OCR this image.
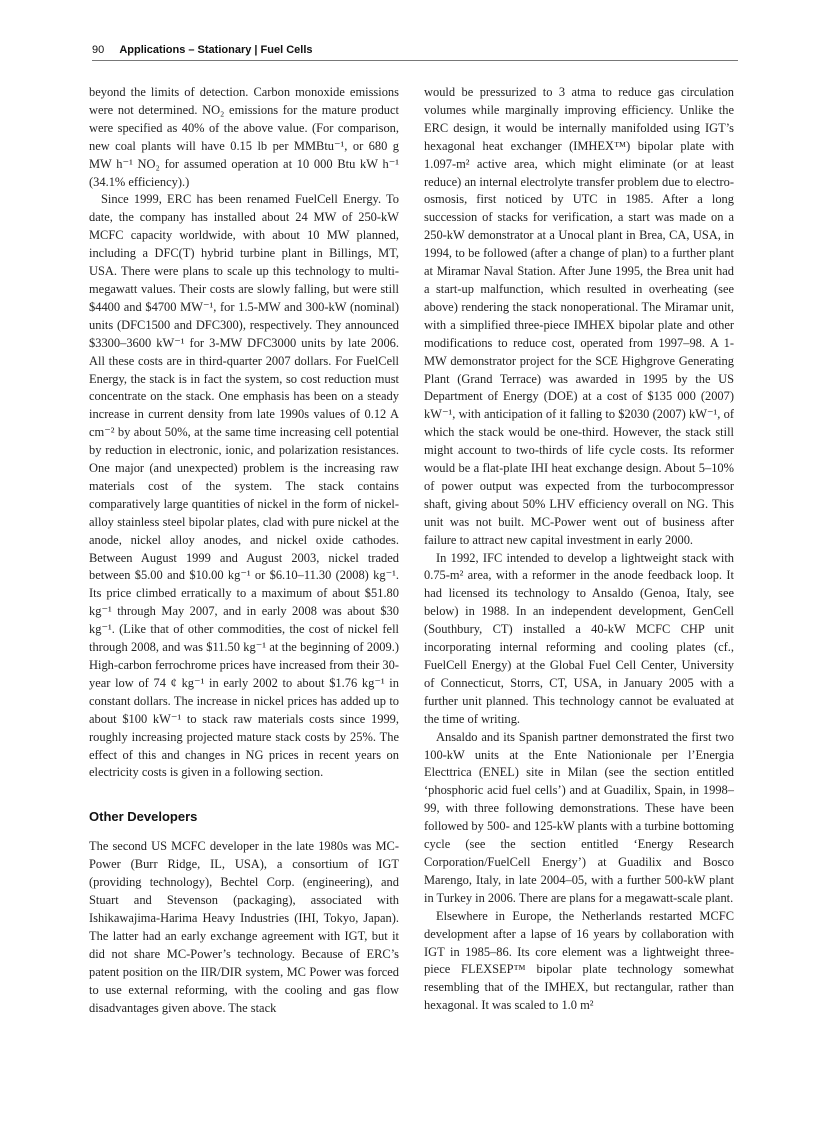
90 Applications – Stationary | Fuel Cells

beyond the limits of detection. Carbon monoxide emissions were not determined. NO₂ emissions for the mature product were specified as 40% of the above value. (For comparison, new coal plants will have 0.15 lb per MMBtu⁻¹, or 680 g MW h⁻¹ NO₂ for assumed operation at 10 000 Btu kW h⁻¹ (34.1% efficiency).)

Since 1999, ERC has been renamed FuelCell Energy. To date, the company has installed about 24 MW of 250-kW MCFC capacity worldwide, with about 10 MW planned, including a DFC(T) hybrid turbine plant in Billings, MT, USA. There were plans to scale up this technology to multi-megawatt values. Their costs are slowly falling, but were still $4400 and $4700 MW⁻¹, for 1.5-MW and 300-kW (nominal) units (DFC1500 and DFC300), respectively. They announced $3300–3600 kW⁻¹ for 3-MW DFC3000 units by late 2006. All these costs are in third-quarter 2007 dollars. For FuelCell Energy, the stack is in fact the system, so cost reduction must concentrate on the stack. One emphasis has been on a steady increase in current density from late 1990s values of 0.12 A cm⁻² by about 50%, at the same time increasing cell potential by reduction in electronic, ionic, and polarization resistances. One major (and unexpected) problem is the increasing raw materials cost of the system. The stack contains comparatively large quantities of nickel in the form of nickel-alloy stainless steel bipolar plates, clad with pure nickel at the anode, nickel alloy anodes, and nickel oxide cathodes. Between August 1999 and August 2003, nickel traded between $5.00 and $10.00 kg⁻¹ or $6.10–11.30 (2008) kg⁻¹. Its price climbed erratically to a maximum of about $51.80 kg⁻¹ through May 2007, and in early 2008 was about $30 kg⁻¹. (Like that of other commodities, the cost of nickel fell through 2008, and was $11.50 kg⁻¹ at the beginning of 2009.) High-carbon ferrochrome prices have increased from their 30-year low of 74 ¢ kg⁻¹ in early 2002 to about $1.76 kg⁻¹ in constant dollars. The increase in nickel prices has added up to about $100 kW⁻¹ to stack raw materials costs since 1999, roughly increasing projected mature stack costs by 25%. The effect of this and changes in NG prices in recent years on electricity costs is given in a following section.

Other Developers

The second US MCFC developer in the late 1980s was MC-Power (Burr Ridge, IL, USA), a consortium of IGT (providing technology), Bechtel Corp. (engineering), and Stuart and Stevenson (packaging), associated with Ishikawajima-Harima Heavy Industries (IHI, Tokyo, Japan). The latter had an early exchange agreement with IGT, but it did not share MC-Power’s technology. Because of ERC’s patent position on the IIR/DIR system, MC Power was forced to use external reforming, with the cooling and gas flow disadvantages given above. The stack

would be pressurized to 3 atma to reduce gas circulation volumes while marginally improving efficiency. Unlike the ERC design, it would be internally manifolded using IGT’s hexagonal heat exchanger (IMHEX™) bipolar plate with 1.097-m² active area, which might eliminate (or at least reduce) an internal electrolyte transfer problem due to electro-osmosis, first noticed by UTC in 1985. After a long succession of stacks for verification, a start was made on a 250-kW demonstrator at a Unocal plant in Brea, CA, USA, in 1994, to be followed (after a change of plan) to a further plant at Miramar Naval Station. After June 1995, the Brea unit had a start-up malfunction, which resulted in overheating (see above) rendering the stack nonoperational. The Miramar unit, with a simplified three-piece IMHEX bipolar plate and other modifications to reduce cost, operated from 1997–98. A 1-MW demonstrator project for the SCE Highgrove Generating Plant (Grand Terrace) was awarded in 1995 by the US Department of Energy (DOE) at a cost of $135 000 (2007) kW⁻¹, with anticipation of it falling to $2030 (2007) kW⁻¹, of which the stack would be one-third. However, the stack still might account to two-thirds of life cycle costs. Its reformer would be a flat-plate IHI heat exchange design. About 5–10% of power output was expected from the turbocompressor shaft, giving about 50% LHV efficiency overall on NG. This unit was not built. MC-Power went out of business after failure to attract new capital investment in early 2000.

In 1992, IFC intended to develop a lightweight stack with 0.75-m² area, with a reformer in the anode feedback loop. It had licensed its technology to Ansaldo (Genoa, Italy, see below) in 1988. In an independent development, GenCell (Southbury, CT) installed a 40-kW MCFC CHP unit incorporating internal reforming and cooling plates (cf., FuelCell Energy) at the Global Fuel Cell Center, University of Connecticut, Storrs, CT, USA, in January 2005 with a further unit planned. This technology cannot be evaluated at the time of writing.

Ansaldo and its Spanish partner demonstrated the first two 100-kW units at the Ente Nationionale per l’Energia Electtrica (ENEL) site in Milan (see the section entitled ‘phosphoric acid fuel cells’) and at Guadilix, Spain, in 1998–99, with three following demonstrations. These have been followed by 500- and 125-kW plants with a turbine bottoming cycle (see the section entitled ‘Energy Research Corporation/FuelCell Energy’) at Guadilix and Bosco Marengo, Italy, in late 2004–05, with a further 500-kW plant in Turkey in 2006. There are plans for a megawatt-scale plant.

Elsewhere in Europe, the Netherlands restarted MCFC development after a lapse of 16 years by collaboration with IGT in 1985–86. Its core element was a lightweight three-piece FLEXSEP™ bipolar plate technology somewhat resembling that of the IMHEX, but rectangular, rather than hexagonal. It was scaled to 1.0 m²
